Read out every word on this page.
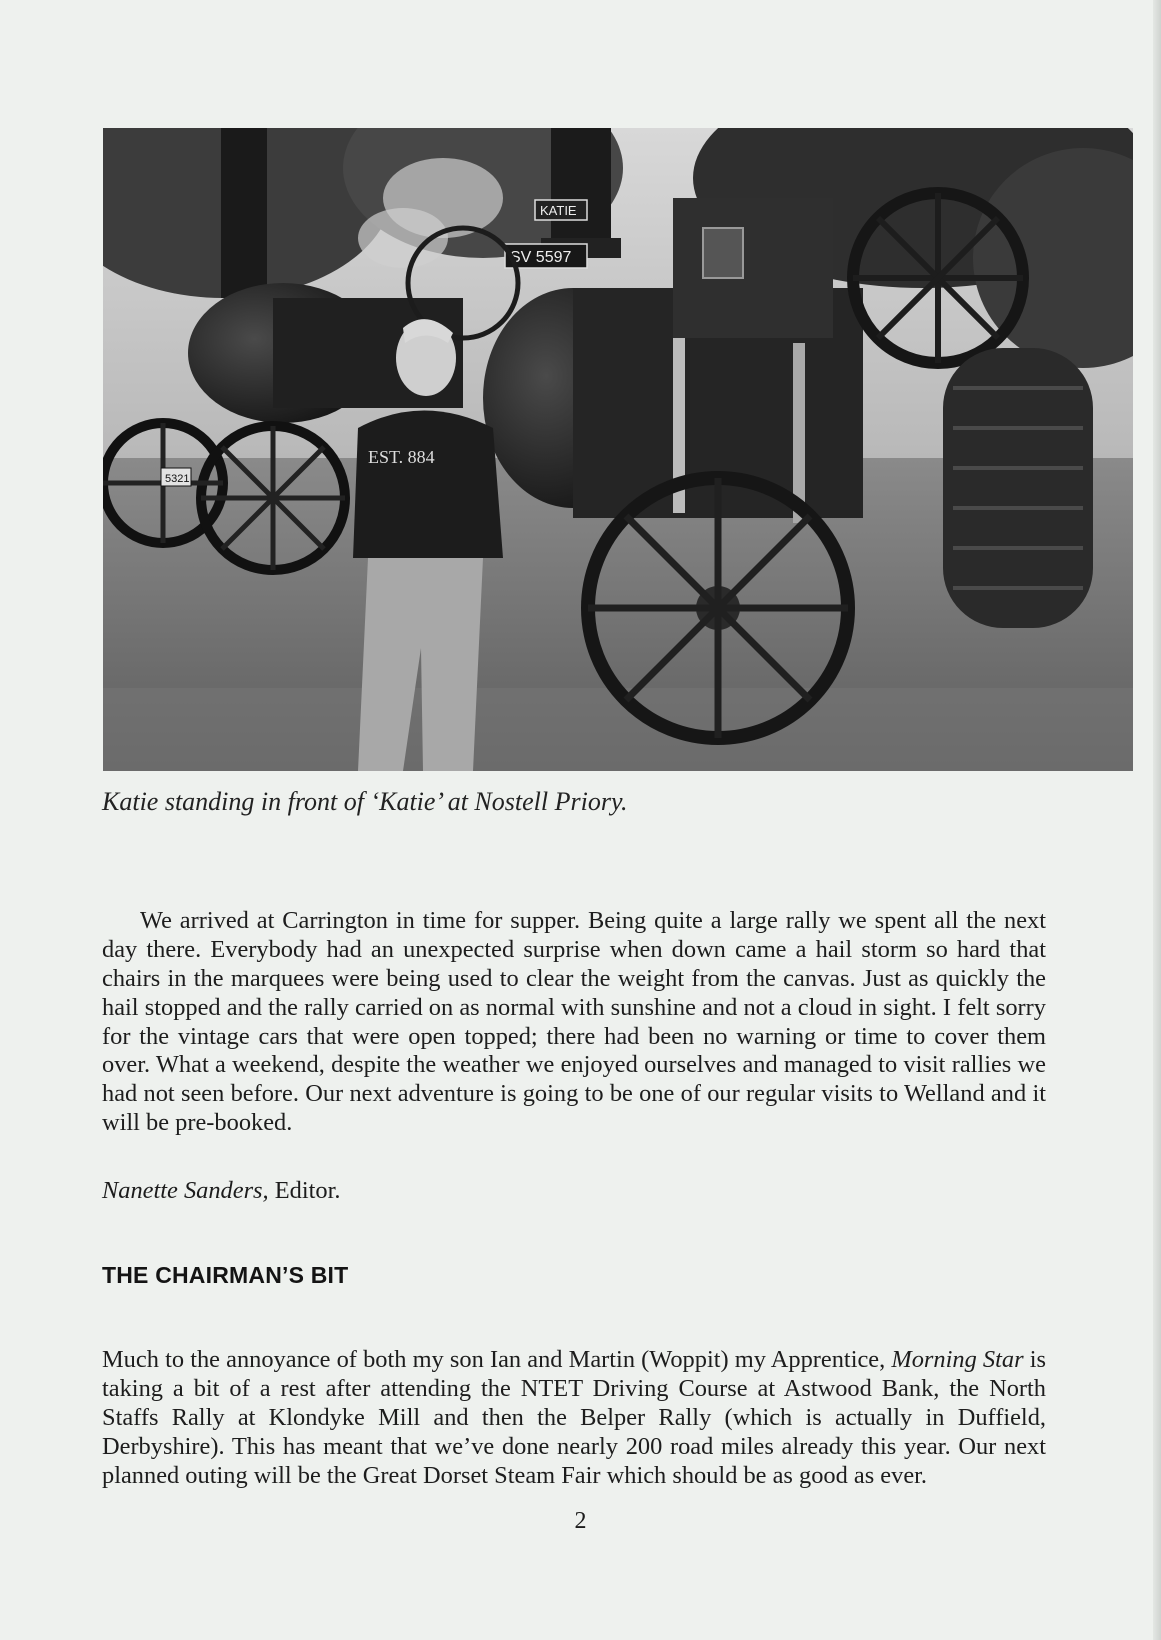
5321
KATIE
SV 5597
EST. 884
Katie standing in front of ‘Katie’ at Nostell Priory.

We arrived at Carrington in time for supper. Being quite a large rally we spent all the next day there. Everybody had an unexpected surprise when down came a hail storm so hard that chairs in the marquees were being used to clear the weight from the canvas. Just as quickly the hail stopped and the rally carried on as normal with sunshine and not a cloud in sight. I felt sorry for the vintage cars that were open topped; there had been no warning or time to cover them over. What a weekend, despite the weather we enjoyed ourselves and managed to visit rallies we had not seen before. Our next adventure is going to be one of our regular visits to Welland and it will be pre-booked.

Nanette Sanders, Editor.
THE CHAIRMAN’S BIT

Much to the annoyance of both my son Ian and Martin (Woppit) my Apprentice, Morning Star is taking a bit of a rest after attending the NTET Driving Course at Astwood Bank, the North Staffs Rally at Klondyke Mill and then the Belper Rally (which is actually in Duffield, Derbyshire). This has meant that we’ve done nearly 200 road miles already this year. Our next planned outing will be the Great Dorset Steam Fair which should be as good as ever.

2
